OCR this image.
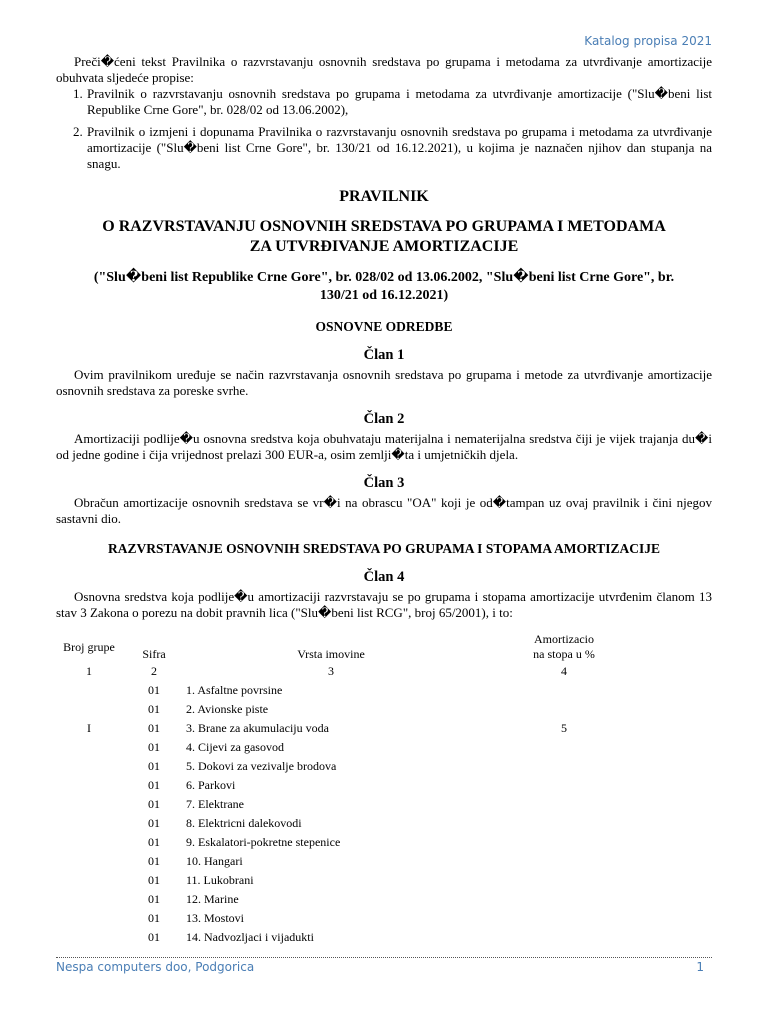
Katalog propisa 2021

Preči�ćeni tekst Pravilnika o razvrstavanju osnovnih sredstava po grupama i metodama za utvrđivanje amortizacije obuhvata sljedeće propise:

1. Pravilnik o razvrstavanju osnovnih sredstava po grupama i metodama za utvrđivanje amortizacije ("Slu�beni list Republike Crne Gore", br. 028/02 od 13.06.2002),
2. Pravilnik o izmjeni i dopunama Pravilnika o razvrstavanju osnovnih sredstava po grupama i metodama za utvrđivanje amortizacije ("Slu�beni list Crne Gore", br. 130/21 od 16.12.2021), u kojima je naznačen njihov dan stupanja na snagu.
PRAVILNIK
O RAZVRSTAVANJU OSNOVNIH SREDSTAVA PO GRUPAMA I METODAMA
ZA UTVRĐIVANJE AMORTIZACIJE
("Slu�beni list Republike Crne Gore", br. 028/02 od 13.06.2002, "Slu�beni list Crne Gore", br.
130/21 od 16.12.2021)
OSNOVNE ODREDBE
Član 1

Ovim pravilnikom uređuje se način razvrstavanja osnovnih sredstava po grupama i metode za utvrđivanje amortizacije osnovnih sredstava za poreske svrhe.

Član 2

Amortizaciji podlije�u osnovna sredstva koja obuhvataju materijalna i nematerijalna sredstva čiji je vijek trajanja du�i od jedne godine i čija vrijednost prelazi 300 EUR-a, osim zemlji�ta i umjetničkih djela.

Član 3

Obračun amortizacije osnovnih sredstava se vr�i na obrascu "OA" koji je od�tampan uz ovaj pravilnik i čini njegov sastavni dio.

RAZVRSTAVANJE OSNOVNIH SREDSTAVA PO GRUPAMA I STOPAMA AMORTIZACIJE
Član 4

Osnovna sredstva koja podlije�u amortizaciji razvrstavaju se po grupama i stopama amortizacije utvrđenim članom 13 stav 3 Zakona o porezu na dobit pravnih lica ("Slu�beni list RCG", broj 65/2001), i to:

Broj grupe	Sifra	Vrsta imovine	Amortizacio
na stopa u %

1	2	3	4
	01	1. Asfaltne povrsine	
	01	2. Avionske piste	
I	01	3. Brane za akumulaciju voda	5
	01	4. Cijevi za gasovod	
	01	5. Dokovi za vezivalje brodova	
	01	6. Parkovi	
	01	7. Elektrane	
	01	8. Elektricni dalekovodi	
	01	9. Eskalatori-pokretne stepenice	
	01	10. Hangari	
	01	11. Lukobrani	
	01	12. Marine	
	01	13. Mostovi	
	01	14. Nadvozljaci i vijadukti	
Nespa computers doo, Podgorica	1
